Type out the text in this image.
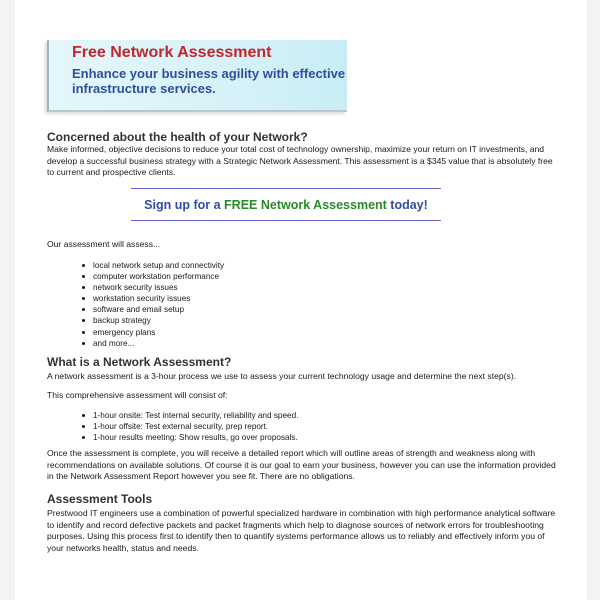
Free Network Assessment
Enhance your business agility with effective infrastructure services.
Concerned about the health of your Network?
Make informed, objective decisions to reduce your total cost of technology ownership, maximize your return on IT investments, and develop a successful business strategy with a Strategic Network Assessment. This assessment is a $345 value that is absolutely free to current and prospective clients.
Sign up for a FREE Network Assessment today!
Our assessment will assess...
local network setup and connectivity
computer workstation performance
network security issues
workstation security issues
software and email setup
backup strategy
emergency plans
and more...
What is a Network Assessment?
A network assessment is a 3-hour process we use to assess your current technology usage and determine the next step(s).
This comprehensive assessment will consist of:
1-hour onsite: Test internal security, reliability and speed.
1-hour offsite: Test external security, prep report.
1-hour results meeting: Show results, go over proposals.
Once the assessment is complete, you will receive a detailed report which will outline areas of strength and weakness along with recommendations on available solutions. Of course it is our goal to earn your business, however you can use the information provided in the Network Assessment Report however you see fit. There are no obligations.
Assessment Tools
Prestwood IT engineers use a combination of powerful specialized hardware in combination with high performance analytical software to identify and record defective packets and packet fragments which help to diagnose sources of network errors for troubleshooting purposes. Using this process first to identify then to quantify systems performance allows us to reliably and effectively inform you of your networks health, status and needs.
